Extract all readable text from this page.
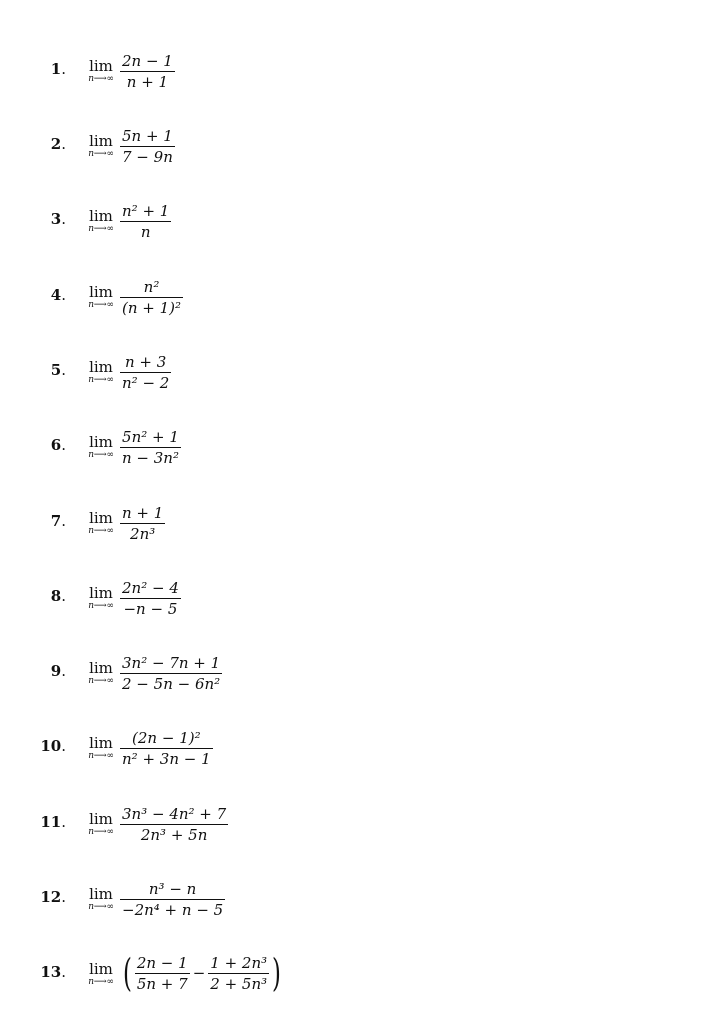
1.	lim
n⟶∞ $\frac{2n - 1}{n + 1}$
2.	lim
n⟶∞ $\frac{5n + 1}{7 - 9n}$
3.	lim
n⟶∞ $\frac{\text{n² + 1}}{n}$
4.	lim
n⟶∞ $\frac{\text{n²}}{\text{(n + 1)²}}$
5.	lim
n⟶∞ $\frac{n + 3}{\text{n² − 2}}$
6.	lim
n⟶∞ $\frac{\text{5n² + 1}}{\text{n − 3n²}}$
7.	lim
n⟶∞ $\frac{n + 1}{\text{2n³}}$
8.	lim
n⟶∞ $\frac{\text{2n² − 4}}{-n - 5}$
9.	lim
n⟶∞ $\frac{\text{3n² − 7n + 1}}{\text{2 − 5n − 6n²}}$
10.	lim
n⟶∞ $\frac{\text{(2n − 1)²}}{\text{n² + 3n − 1}}$
11.	lim
n⟶∞ $\frac{\text{3n³ − 4n² + 7}}{\text{2n³ + 5n}}$
12.	lim
n⟶∞ $\frac{\text{n³ − n}}{\text{−2n⁴ + n − 5}}$
13.	lim
n⟶∞ ( $\frac{2n - 1}{5n + 7} - \frac{\text{1 + 2n³}}{\text{2 + 5n³}}$ )
